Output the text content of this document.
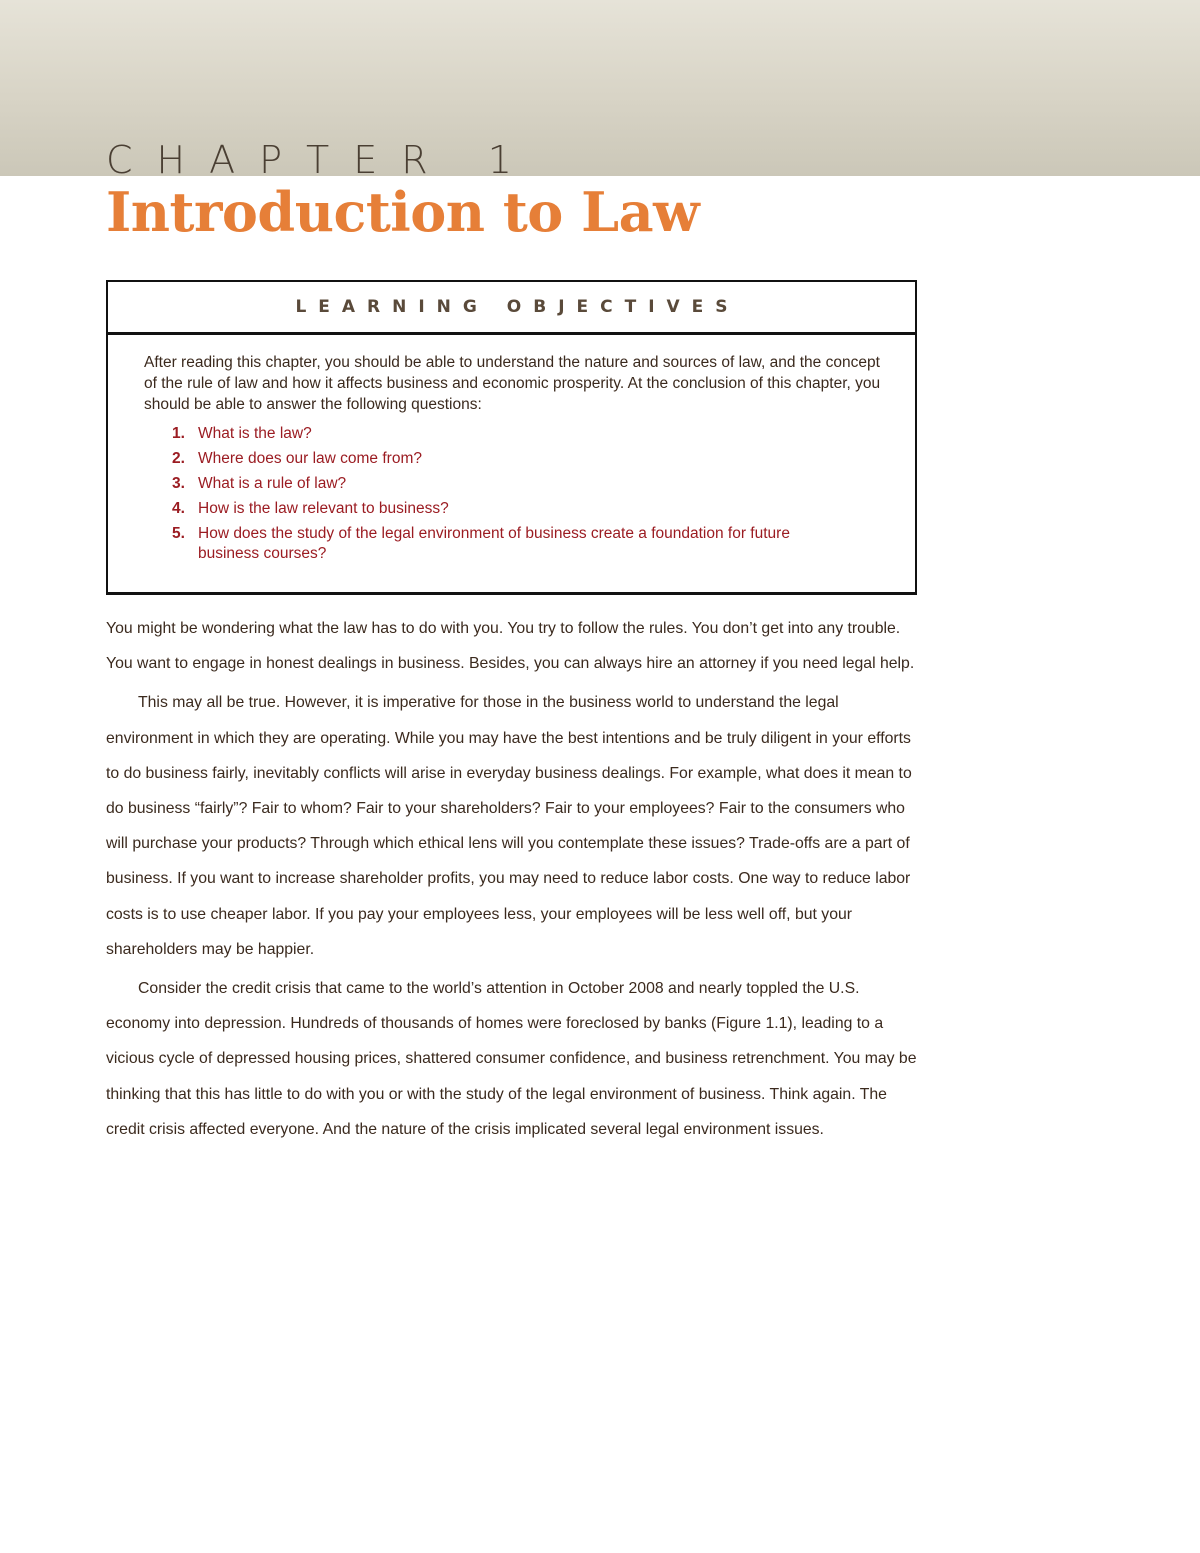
CHAPTER 1
Introduction to Law
LEARNING OBJECTIVES
After reading this chapter, you should be able to understand the nature and sources of law, and the concept of the rule of law and how it affects business and economic prosperity. At the conclusion of this chapter, you should be able to answer the following questions:
1. What is the law?
2. Where does our law come from?
3. What is a rule of law?
4. How is the law relevant to business?
5. How does the study of the legal environment of business create a foundation for future business courses?

You might be wondering what the law has to do with you. You try to follow the rules. You don’t get into any trouble. You want to engage in honest dealings in business. Besides, you can always hire an attorney if you need legal help.

This may all be true. However, it is imperative for those in the business world to understand the legal environment in which they are operating. While you may have the best intentions and be truly diligent in your efforts to do business fairly, inevitably conflicts will arise in everyday business dealings. For example, what does it mean to do business “fairly”? Fair to whom? Fair to your shareholders? Fair to your employees? Fair to the consumers who will purchase your products? Through which ethical lens will you contemplate these issues? Trade-offs are a part of business. If you want to increase shareholder profits, you may need to reduce labor costs. One way to reduce labor costs is to use cheaper labor. If you pay your employees less, your employees will be less well off, but your shareholders may be happier.

Consider the credit crisis that came to the world’s attention in October 2008 and nearly toppled the U.S. economy into depression. Hundreds of thousands of homes were foreclosed by banks (Figure 1.1), leading to a vicious cycle of depressed housing prices, shattered consumer confidence, and business retrenchment. You may be thinking that this has little to do with you or with the study of the legal environment of business. Think again. The credit crisis affected everyone. And the nature of the crisis implicated several legal environment issues.
